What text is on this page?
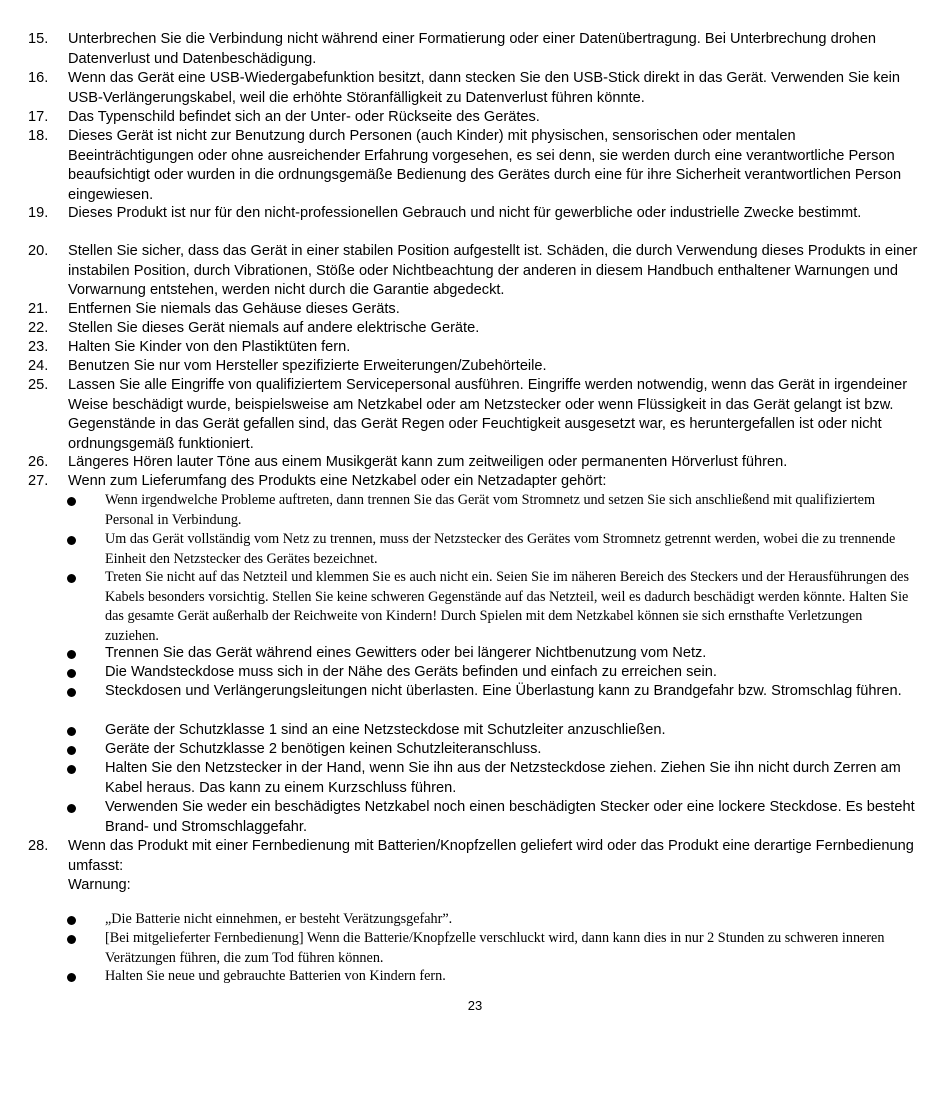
15.	Unterbrechen Sie die Verbindung nicht während einer Formatierung oder einer Datenübertragung. Bei Unterbrechung drohen Datenverlust und Datenbeschädigung.
16.	Wenn das Gerät eine USB-Wiedergabefunktion besitzt, dann stecken Sie den USB-Stick direkt in das Gerät. Verwenden Sie kein USB-Verlängerungskabel, weil die erhöhte Störanfälligkeit zu Datenverlust führen könnte.
17.	Das Typenschild befindet sich an der Unter- oder Rückseite des Gerätes.
18.	Dieses Gerät ist nicht zur Benutzung durch Personen (auch Kinder) mit physischen, sensorischen oder mentalen Beeinträchtigungen oder ohne ausreichender Erfahrung vorgesehen, es sei denn, sie werden durch eine verantwortliche Person beaufsichtigt oder wurden in die ordnungsgemäße Bedienung des Gerätes durch eine für ihre Sicherheit verantwortlichen Person eingewiesen.
19.	Dieses Produkt ist nur für den nicht-professionellen Gebrauch und nicht für gewerbliche oder industrielle Zwecke bestimmt.
20.	Stellen Sie sicher, dass das Gerät in einer stabilen Position aufgestellt ist. Schäden, die durch Verwendung dieses Produkts in einer instabilen Position, durch Vibrationen, Stöße oder Nichtbeachtung der anderen in diesem Handbuch enthaltener Warnungen und Vorwarnung entstehen, werden nicht durch die Garantie abgedeckt.
21.	Entfernen Sie niemals das Gehäuse dieses Geräts.
22.	Stellen Sie dieses Gerät niemals auf andere elektrische Geräte.
23.	Halten Sie Kinder von den Plastiktüten fern.
24.	Benutzen Sie nur vom Hersteller spezifizierte Erweiterungen/Zubehörteile.
25.	Lassen Sie alle Eingriffe von qualifiziertem Servicepersonal ausführen. Eingriffe werden notwendig, wenn das Gerät in irgendeiner Weise beschädigt wurde, beispielsweise am Netzkabel oder am Netzstecker oder wenn Flüssigkeit in das Gerät gelangt ist bzw. Gegenstände in das Gerät gefallen sind, das Gerät Regen oder Feuchtigkeit ausgesetzt war, es heruntergefallen ist oder nicht ordnungsgemäß funktioniert.
26.	Längeres Hören lauter Töne aus einem Musikgerät kann zum zeitweiligen oder permanenten Hörverlust führen.
27.	Wenn zum Lieferumfang des Produkts eine Netzkabel oder ein Netzadapter gehört:
Wenn irgendwelche Probleme auftreten, dann trennen Sie das Gerät vom Stromnetz und setzen Sie sich anschließend mit qualifiziertem Personal in Verbindung.
Um das Gerät vollständig vom Netz zu trennen, muss der Netzstecker des Gerätes vom Stromnetz getrennt werden, wobei die zu trennende Einheit den Netzstecker des Gerätes bezeichnet.
Treten Sie nicht auf das Netzteil und klemmen Sie es auch nicht ein. Seien Sie im näheren Bereich des Steckers und der Herausführungen des Kabels besonders vorsichtig. Stellen Sie keine schweren Gegenstände auf das Netzteil, weil es dadurch beschädigt werden könnte. Halten Sie das gesamte Gerät außerhalb der Reichweite von Kindern! Durch Spielen mit dem Netzkabel können sie sich ernsthafte Verletzungen zuziehen.
Trennen Sie das Gerät während eines Gewitters oder bei längerer Nichtbenutzung vom Netz.
Die Wandsteckdose muss sich in der Nähe des Geräts befinden und einfach zu erreichen sein.
Steckdosen und Verlängerungsleitungen nicht überlasten. Eine Überlastung kann zu Brandgefahr bzw. Stromschlag führen.
Geräte der Schutzklasse 1 sind an eine Netzsteckdose mit Schutzleiter anzuschließen.
Geräte der Schutzklasse 2 benötigen keinen Schutzleiteranschluss.
Halten Sie den Netzstecker in der Hand, wenn Sie ihn aus der Netzsteckdose ziehen. Ziehen Sie ihn nicht durch Zerren am Kabel heraus. Das kann zu einem Kurzschluss führen.
Verwenden Sie weder ein beschädigtes Netzkabel noch einen beschädigten Stecker oder eine lockere Steckdose. Es besteht Brand- und Stromschlaggefahr.
28.	Wenn das Produkt mit einer Fernbedienung mit Batterien/Knopfzellen geliefert wird oder das Produkt eine derartige Fernbedienung umfasst:
Warnung:
„Die Batterie nicht einnehmen, er besteht Verätzungsgefahr”.
[Bei mitgelieferter Fernbedienung] Wenn die Batterie/Knopfzelle verschluckt wird, dann kann dies in nur 2 Stunden zu schweren inneren Verätzungen führen, die zum Tod führen können.
Halten Sie neue und gebrauchte Batterien von Kindern fern.
23
